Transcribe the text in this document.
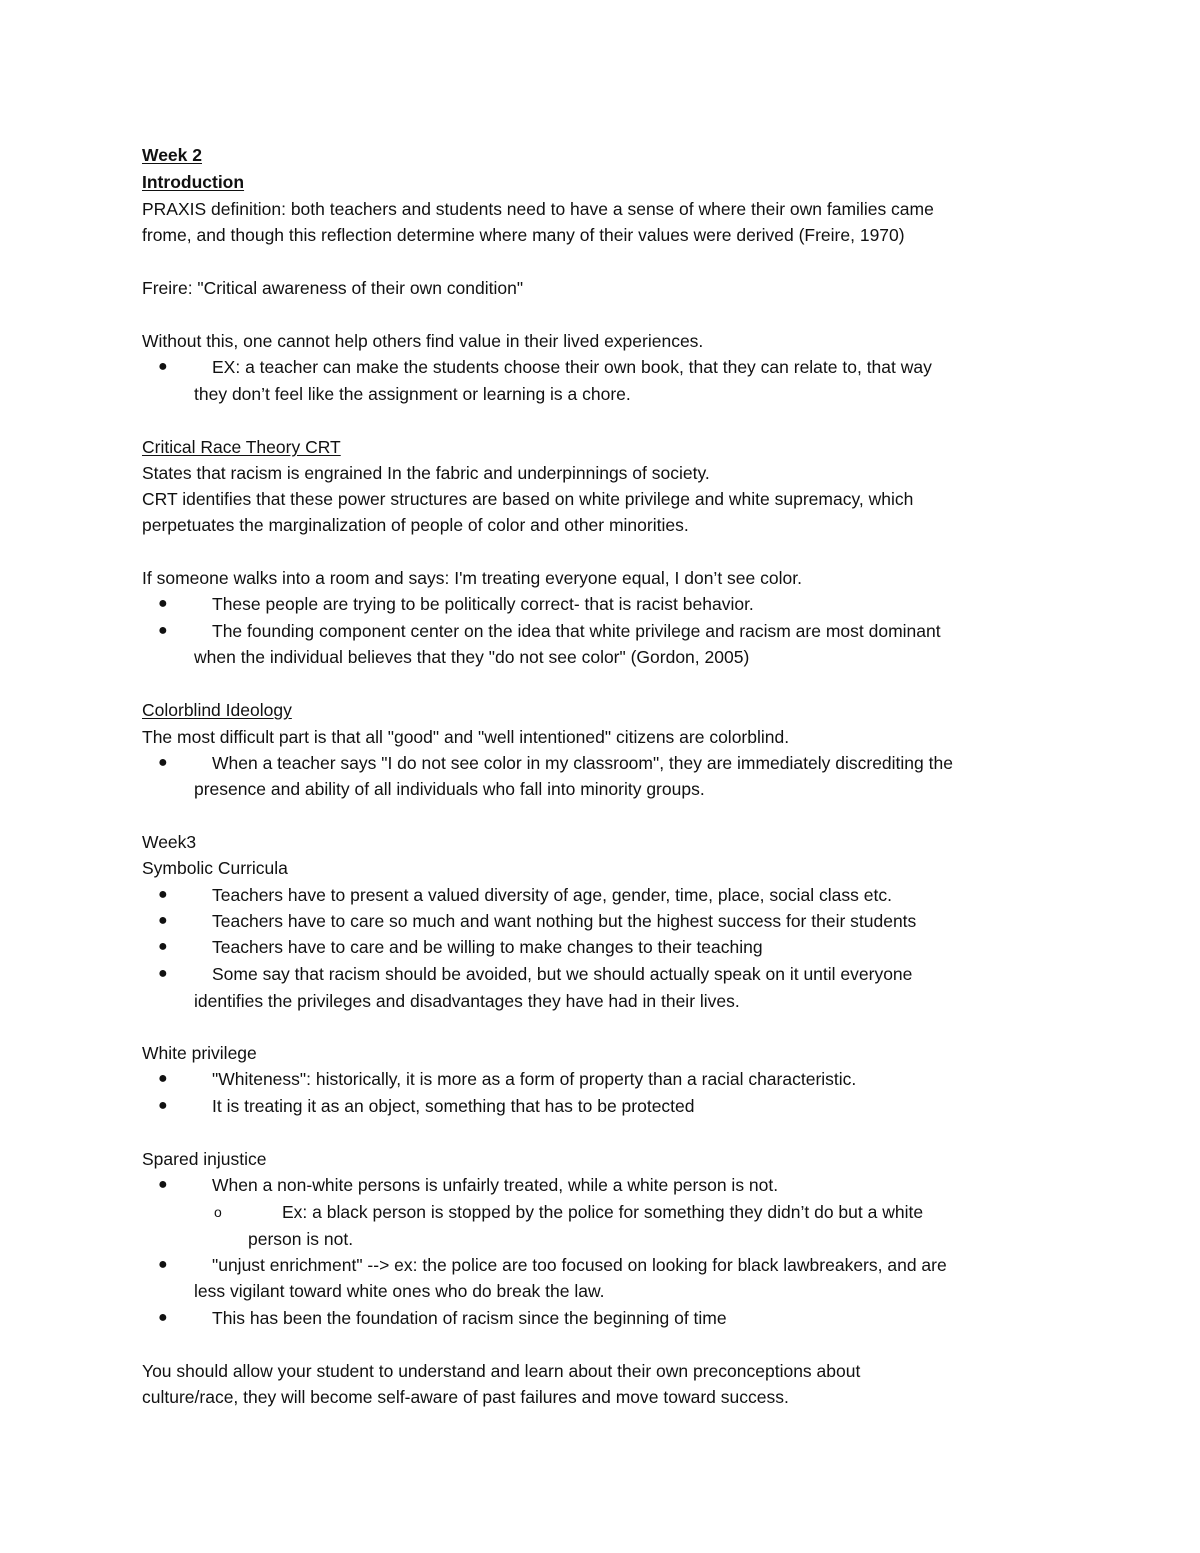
Week 2
Introduction
PRAXIS definition: both teachers and students need to have a sense of where their own families came
frome, and though this reflection determine where many of their values were derived (Freire, 1970)
Freire: "Critical awareness of their own condition"
Without this, one cannot help others find value in their lived experiences.
●	EX: a teacher can make the students choose their own book, that they can relate to, that way
they don’t feel like the assignment or learning is a chore.
Critical Race Theory CRT
States that racism is engrained In the fabric and underpinnings of society.
CRT identifies that these power structures are based on white privilege and white supremacy, which
perpetuates the marginalization of people of color and other minorities.
If someone walks into a room and says: I'm treating everyone equal, I don’t see color.
●	These people are trying to be politically correct- that is racist behavior.
●	The founding component center on the idea that white privilege and racism are most dominant
when the individual believes that they "do not see color" (Gordon, 2005)
Colorblind Ideology
The most difficult part is that all "good" and "well intentioned" citizens are colorblind.
●	When a teacher says "I do not see color in my classroom", they are immediately discrediting the
presence and ability of all individuals who fall into minority groups.
Week3
Symbolic Curricula
●	Teachers have to present a valued diversity of age, gender, time, place, social class etc.
●	Teachers have to care so much and want nothing but the highest success for their students
●	Teachers have to care and be willing to make changes to their teaching
●	Some say that racism should be avoided, but we should actually speak on it until everyone
identifies the privileges and disadvantages they have had in their lives.
White privilege
●	"Whiteness": historically, it is more as a form of property than a racial characteristic.
●	It is treating it as an object, something that has to be protected
Spared injustice
●	When a non-white persons is unfairly treated, while a white person is not.
o	Ex: a black person is stopped by the police for something they didn’t do but a white
person is not.
●	"unjust enrichment" --> ex: the police are too focused on looking for black lawbreakers, and are
less vigilant toward white ones who do break the law.
●	This has been the foundation of racism since the beginning of time
You should allow your student to understand and learn about their own preconceptions about
culture/race, they will become self-aware of past failures and move toward success.
